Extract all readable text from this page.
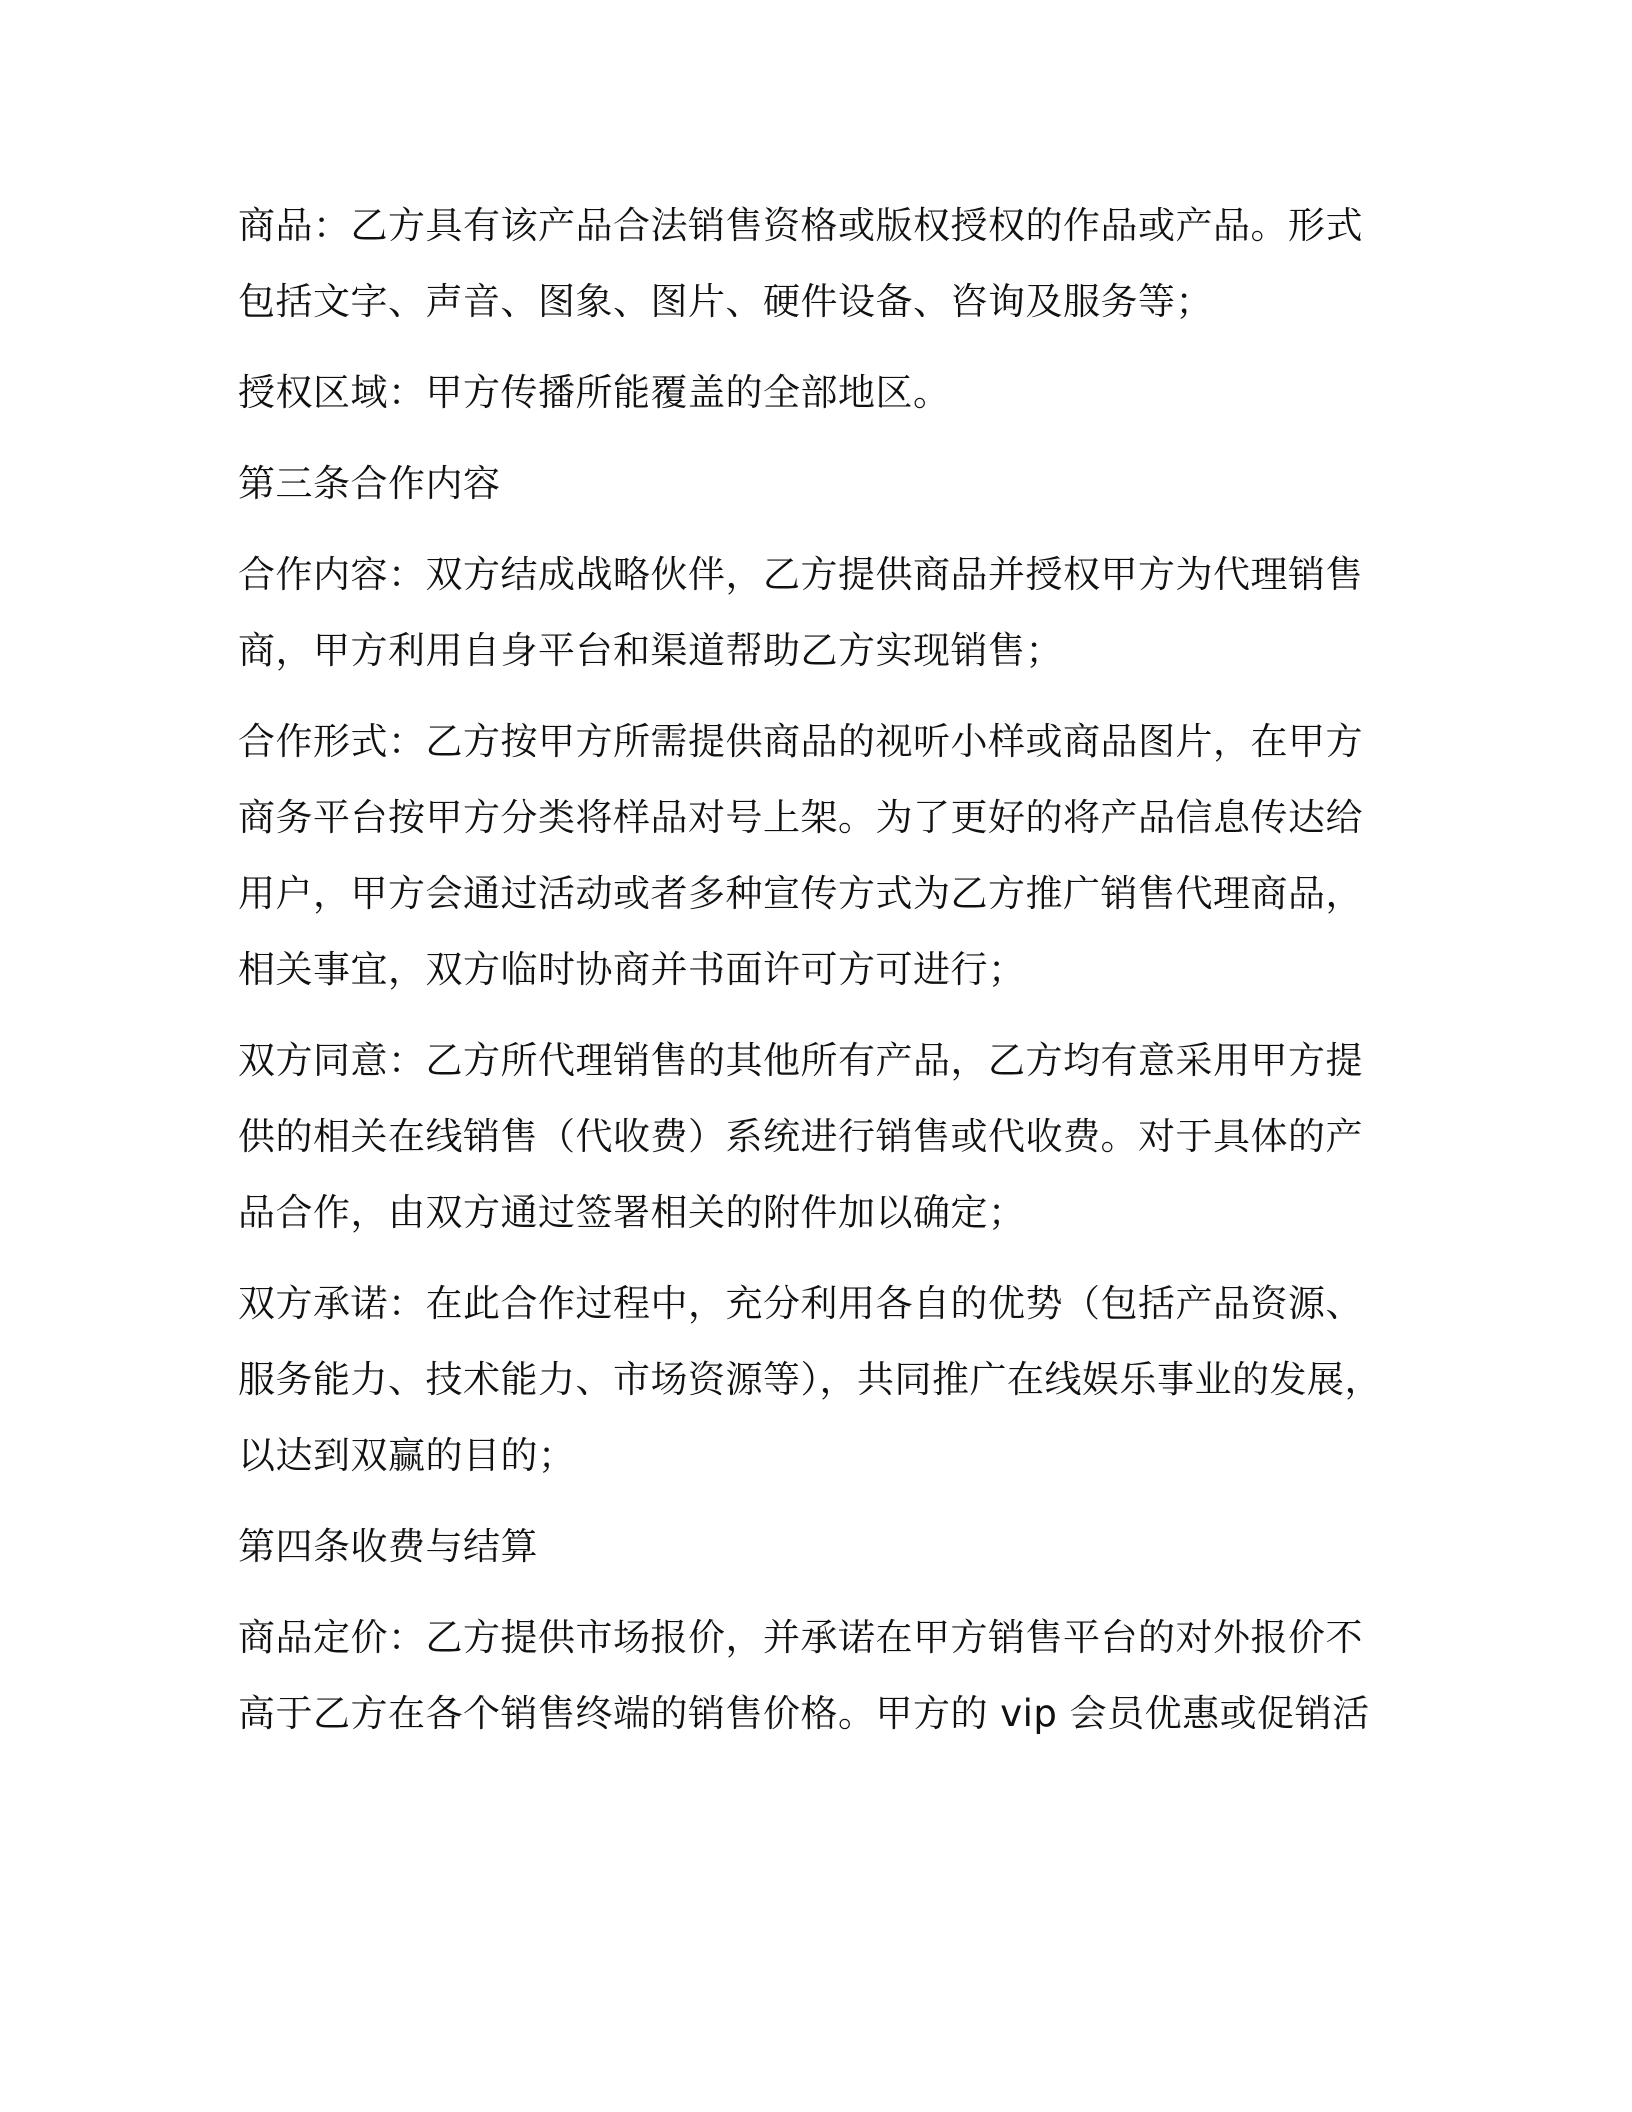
商品：乙方具有该产品合法销售资格或版权授权的作品或产品。形式
包括文字、声音、图象、图片、硬件设备、咨询及服务等；

授权区域：甲方传播所能覆盖的全部地区。

第三条合作内容

合作内容：双方结成战略伙伴，乙方提供商品并授权甲方为代理销售
商，甲方利用自身平台和渠道帮助乙方实现销售；

合作形式：乙方按甲方所需提供商品的视听小样或商品图片，在甲方
商务平台按甲方分类将样品对号上架。为了更好的将产品信息传达给
用户，甲方会通过活动或者多种宣传方式为乙方推广销售代理商品，
相关事宜，双方临时协商并书面许可方可进行；

双方同意：乙方所代理销售的其他所有产品，乙方均有意采用甲方提
供的相关在线销售（代收费）系统进行销售或代收费。对于具体的产
品合作，由双方通过签署相关的附件加以确定；

双方承诺：在此合作过程中，充分利用各自的优势（包括产品资源、
服务能力、技术能力、市场资源等），共同推广在线娱乐事业的发展，
以达到双赢的目的；

第四条收费与结算

商品定价：乙方提供市场报价，并承诺在甲方销售平台的对外报价不
高于乙方在各个销售终端的销售价格。甲方的 vip 会员优惠或促销活
